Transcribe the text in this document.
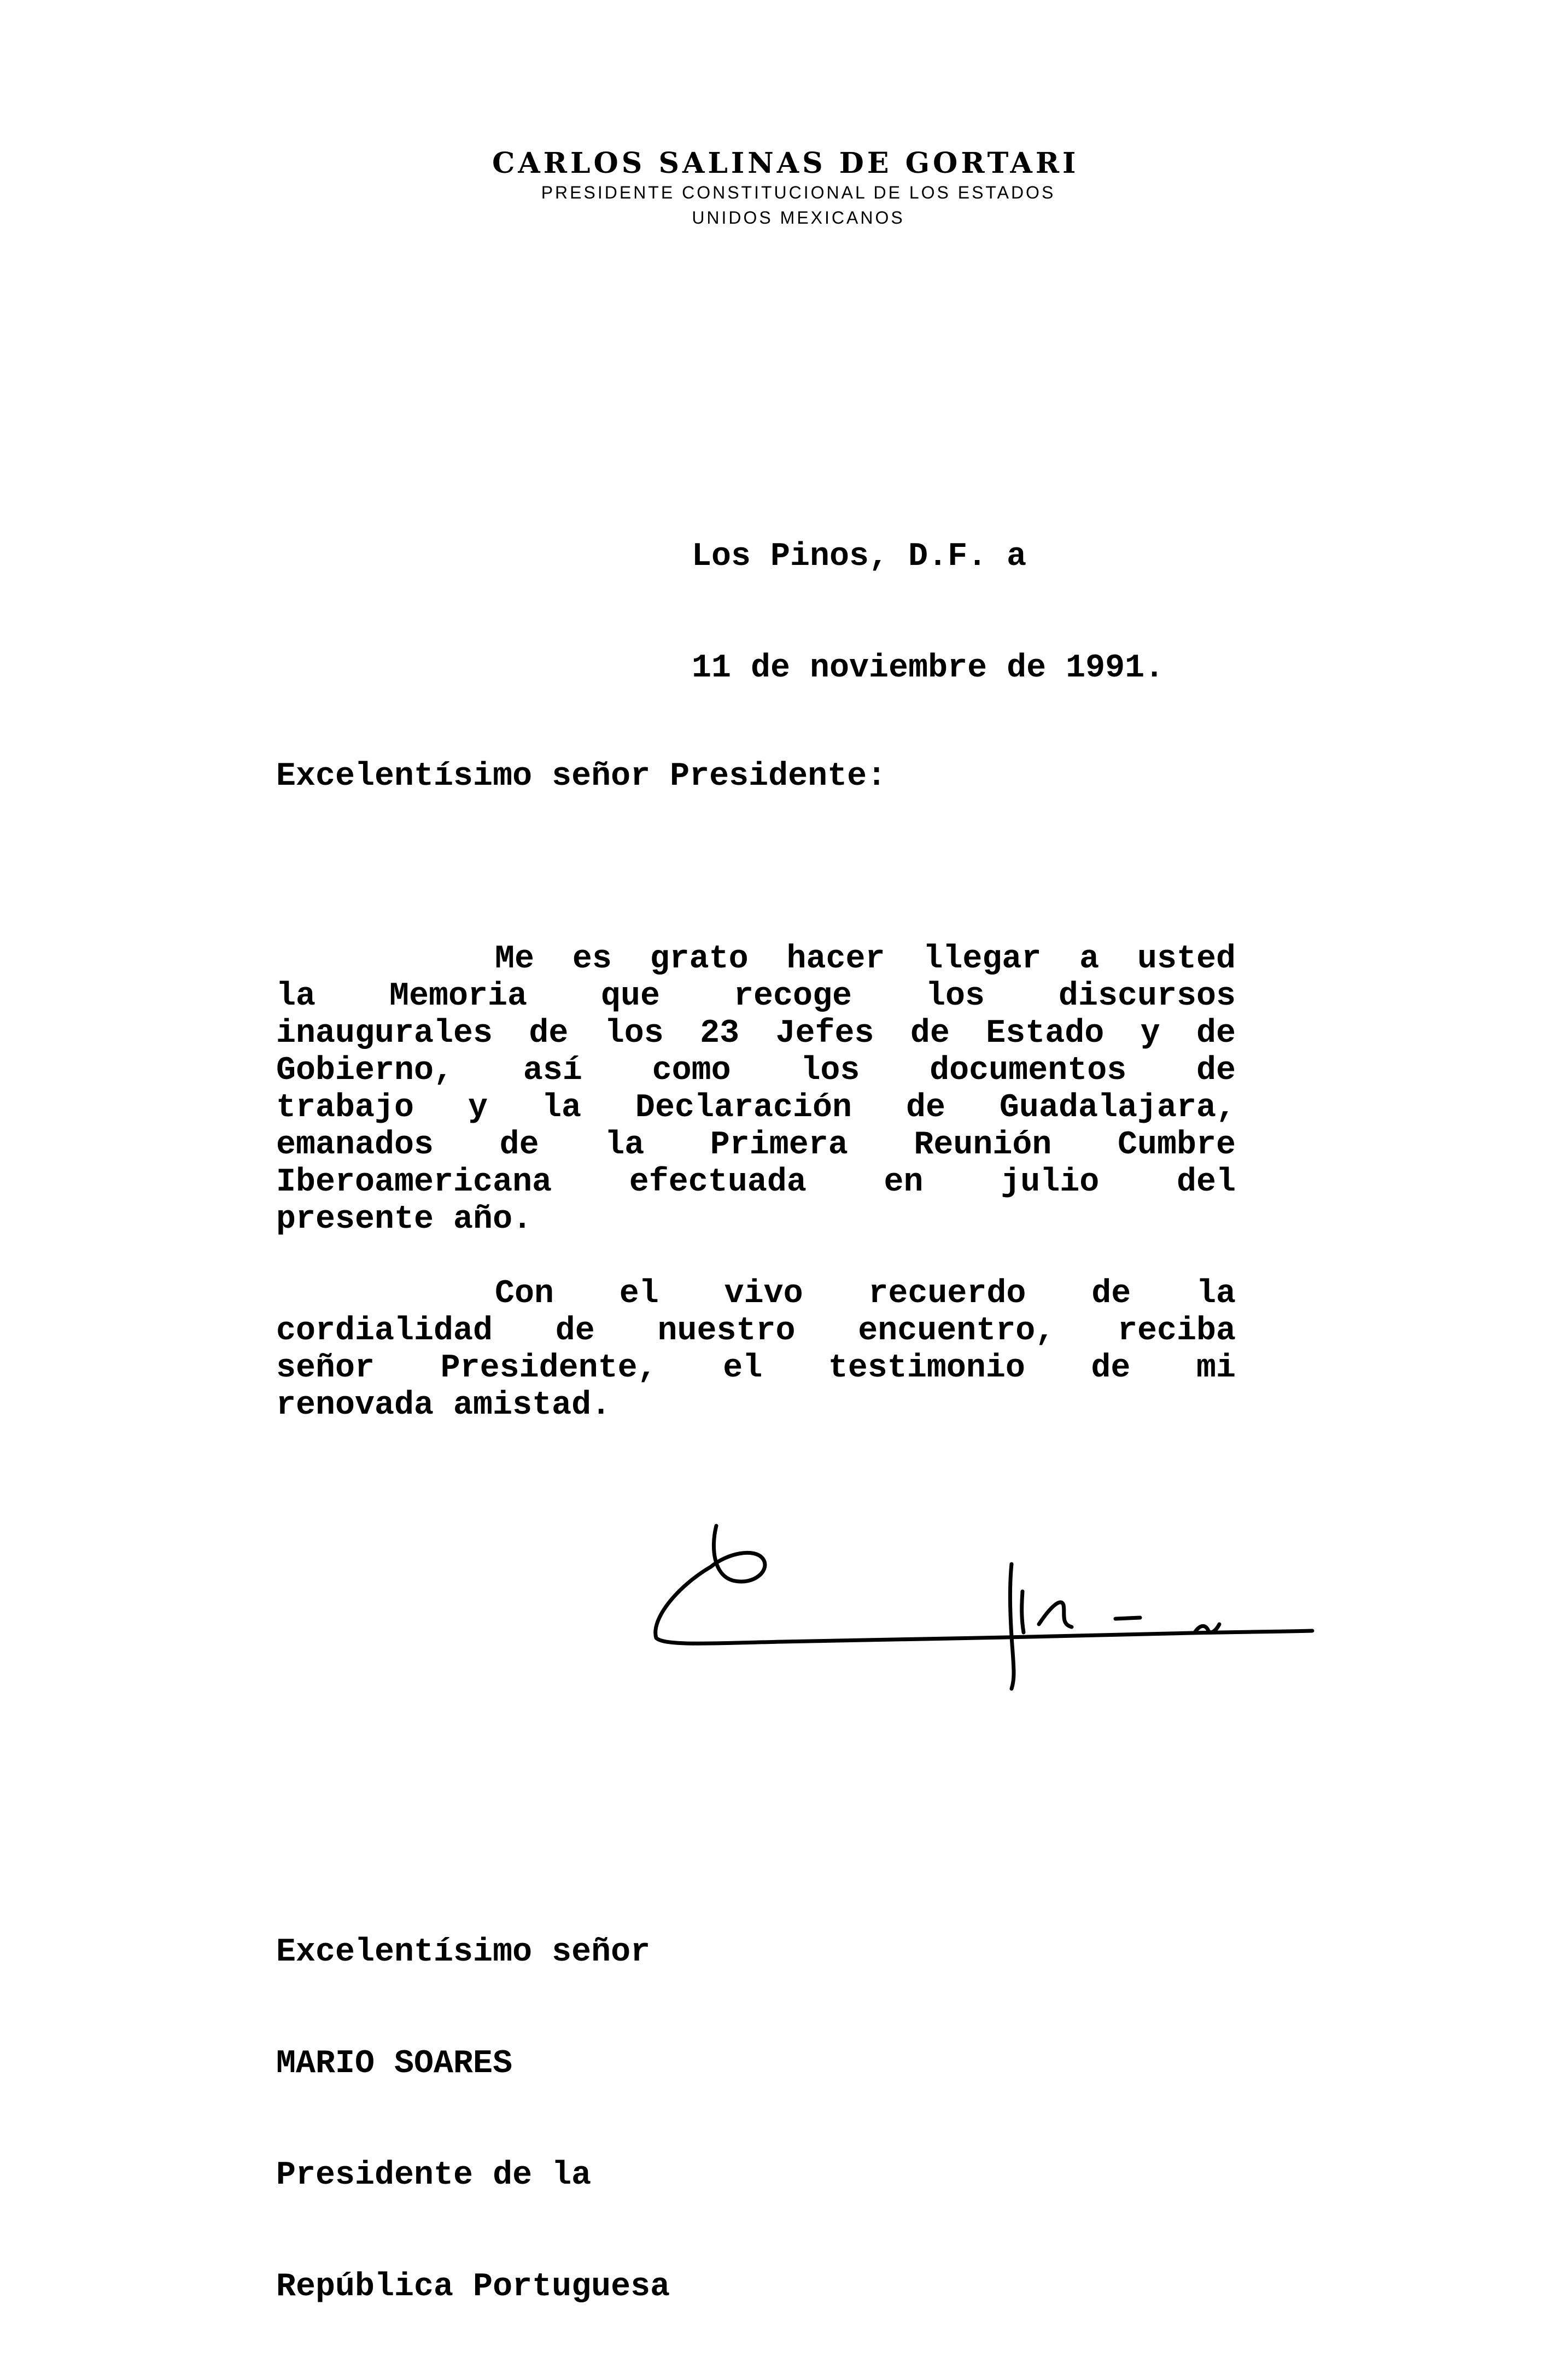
CARLOS SALINAS DE GORTARI
PRESIDENTE CONSTITUCIONAL DE LOS ESTADOS
UNIDOS MEXICANOS

Los Pinos, D.F. a

11 de noviembre de 1991.

Excelentísimo señor Presidente:
Me es grato hacer llegar a usted
la Memoria que recoge los discursos
inaugurales de los 23 Jefes de Estado y de
Gobierno, así como los documentos de
trabajo y la Declaración de Guadalajara,
emanados de la Primera Reunión Cumbre
Iberoamericana efectuada en julio del
presente año.
Con el vivo recuerdo de la
cordialidad de nuestro encuentro, reciba
señor Presidente, el testimonio de mi
renovada amistad.

Excelentísimo señor

MARIO SOARES

Presidente de la

República Portuguesa
